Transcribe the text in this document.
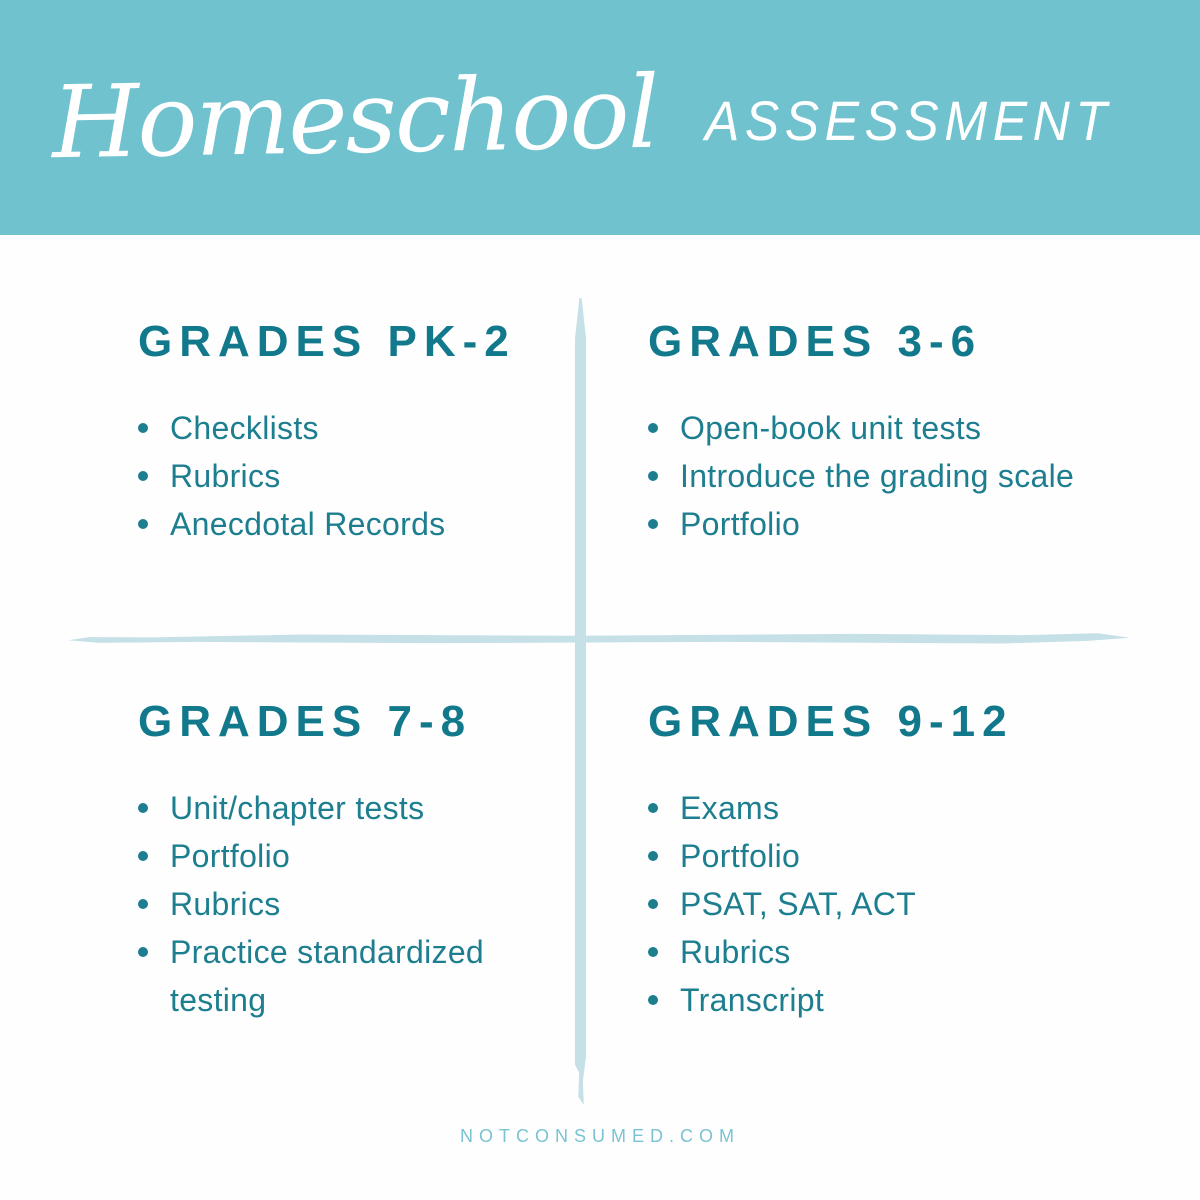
Homeschool ASSESSMENT
GRADES PK-2
Checklists
Rubrics
Anecdotal Records
GRADES 3-6
Open-book unit tests
Introduce the grading scale
Portfolio
GRADES 7-8
Unit/chapter tests
Portfolio
Rubrics
Practice standardized testing
GRADES 9-12
Exams
Portfolio
PSAT, SAT, ACT
Rubrics
Transcript
NOTCONSUMED.COM
